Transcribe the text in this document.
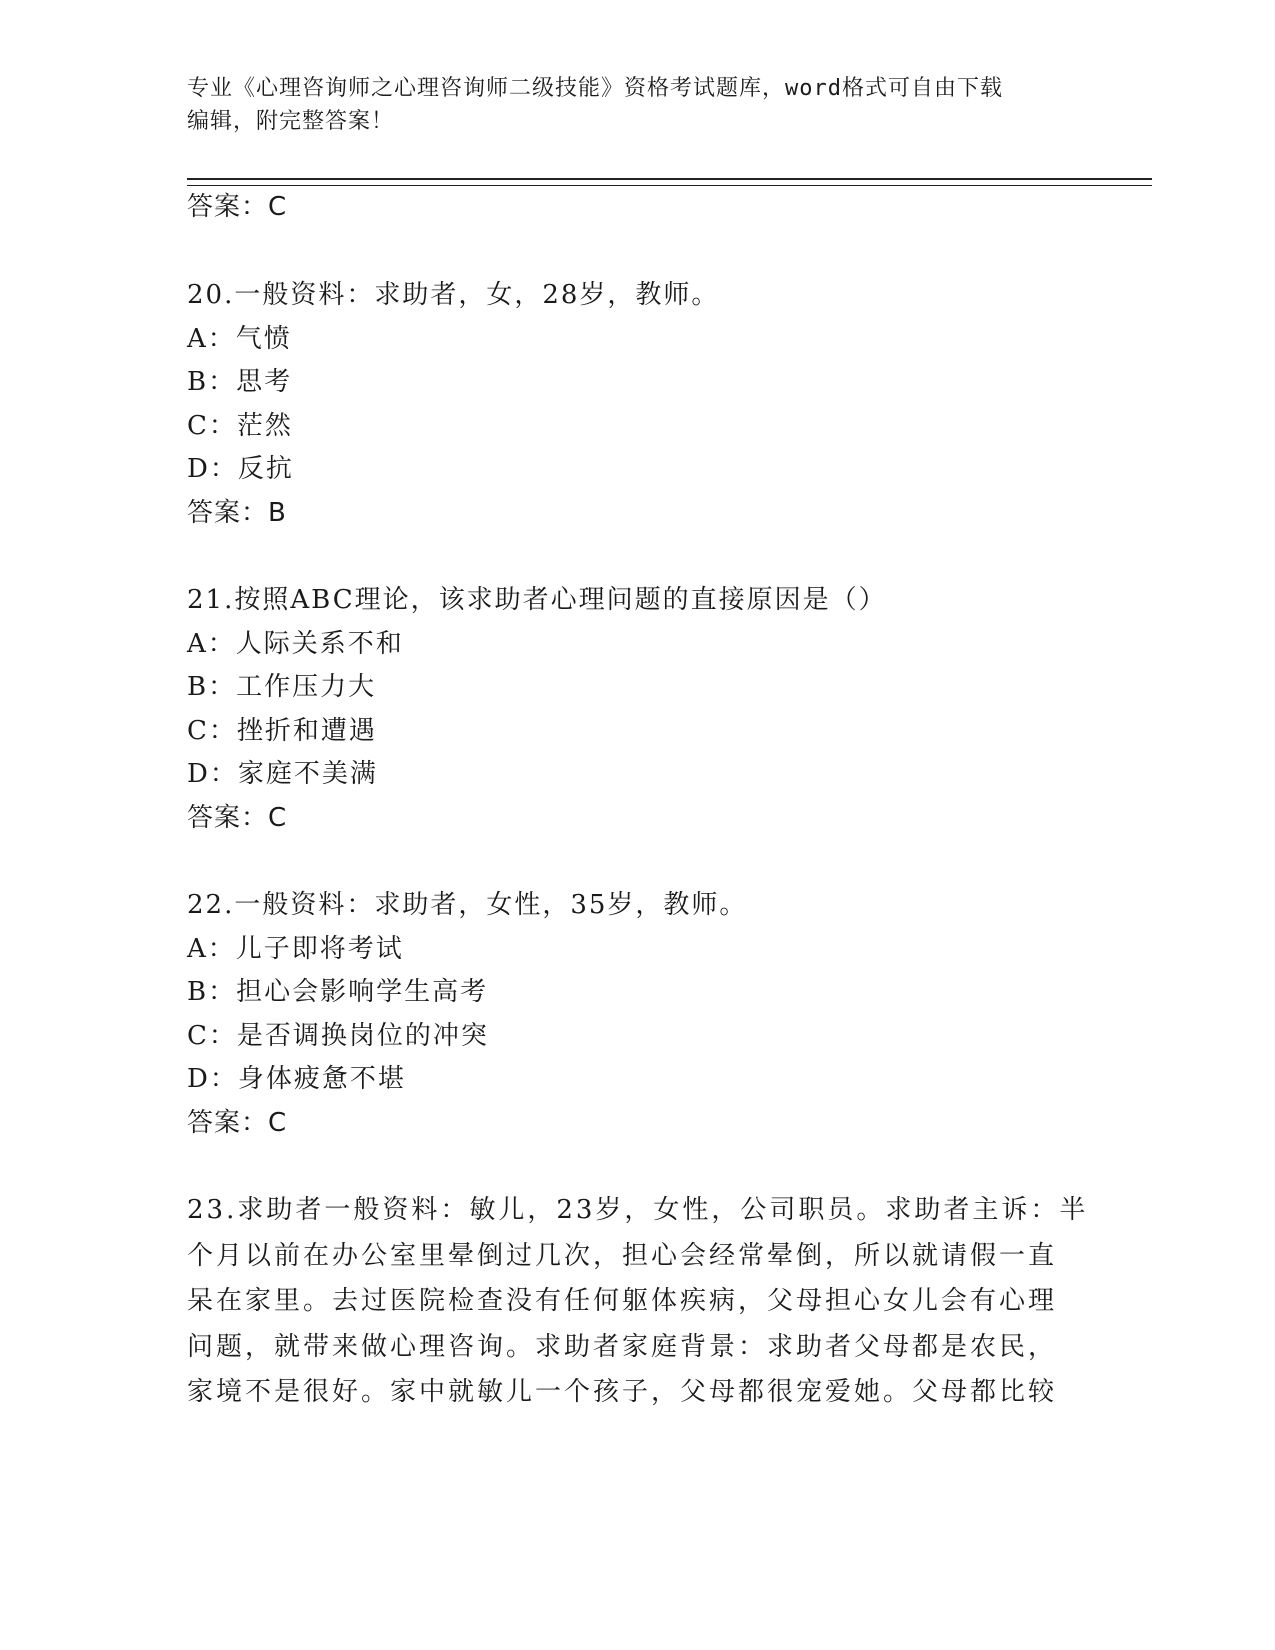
专业《心理咨询师之心理咨询师二级技能》资格考试题库，word格式可自由下载
编辑，附完整答案！
答案：C
20.一般资料：求助者，女，28岁，教师。
A：气愤
B：思考
C：茫然
D：反抗
答案：B
21.按照ABC理论，该求助者心理问题的直接原因是（）
A：人际关系不和
B：工作压力大
C：挫折和遭遇
D：家庭不美满
答案：C
22.一般资料：求助者，女性，35岁，教师。
A：儿子即将考试
B：担心会影响学生高考
C：是否调换岗位的冲突
D：身体疲惫不堪
答案：C
23.求助者一般资料：敏儿，23岁，女性，公司职员。求助者主诉：半
个月以前在办公室里晕倒过几次，担心会经常晕倒，所以就请假一直
呆在家里。去过医院检查没有任何躯体疾病，父母担心女儿会有心理
问题，就带来做心理咨询。求助者家庭背景：求助者父母都是农民，
家境不是很好。家中就敏儿一个孩子，父母都很宠爱她。父母都比较
